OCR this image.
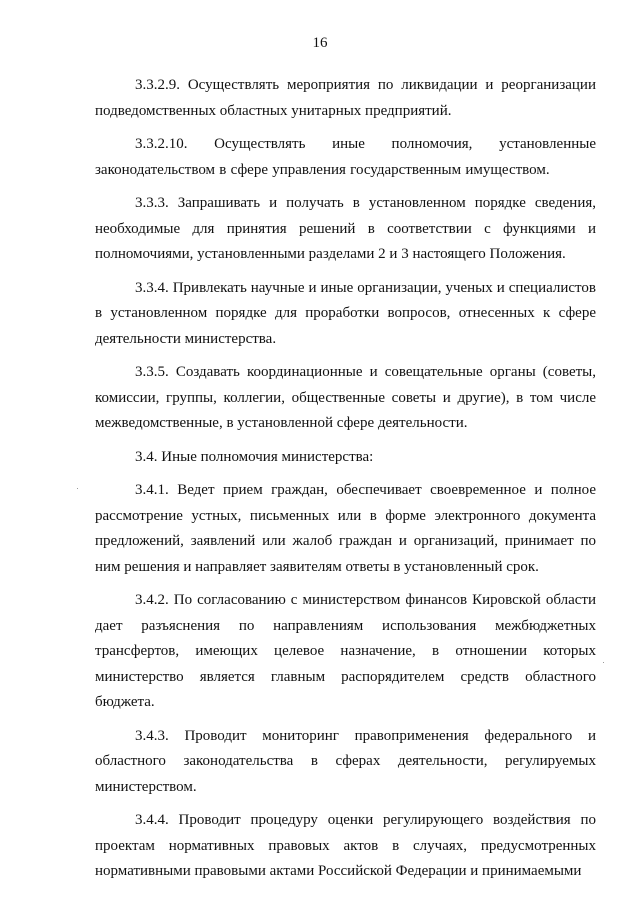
16

3.3.2.9. Осуществлять мероприятия по ликвидации и реорганизации подведомственных областных унитарных предприятий.

3.3.2.10. Осуществлять иные полномочия, установленные законодательством в сфере управления государственным имуществом.

3.3.3. Запрашивать и получать в установленном порядке сведения, необходимые для принятия решений в соответствии с функциями и полномочиями, установленными разделами 2 и 3 настоящего Положения.

3.3.4. Привлекать научные и иные организации, ученых и специалистов в установленном порядке для проработки вопросов, отнесенных к сфере деятельности министерства.

3.3.5. Создавать координационные и совещательные органы (советы, комиссии, группы, коллегии, общественные советы и другие), в том числе межведомственные, в установленной сфере деятельности.

3.4. Иные полномочия министерства:

3.4.1. Ведет прием граждан, обеспечивает своевременное и полное рассмотрение устных, письменных или в форме электронного документа предложений, заявлений или жалоб граждан и организаций, принимает по ним решения и направляет заявителям ответы в установленный срок.

3.4.2. По согласованию с министерством финансов Кировской области дает разъяснения по направлениям использования межбюджетных трансфертов, имеющих целевое назначение, в отношении которых министерство является главным распорядителем средств областного бюджета.

3.4.3. Проводит мониторинг правоприменения федерального и областного законодательства в сферах деятельности, регулируемых министерством.

3.4.4. Проводит процедуру оценки регулирующего воздействия по проектам нормативных правовых актов в случаях, предусмотренных нормативными правовыми актами Российской Федерации и принимаемыми
